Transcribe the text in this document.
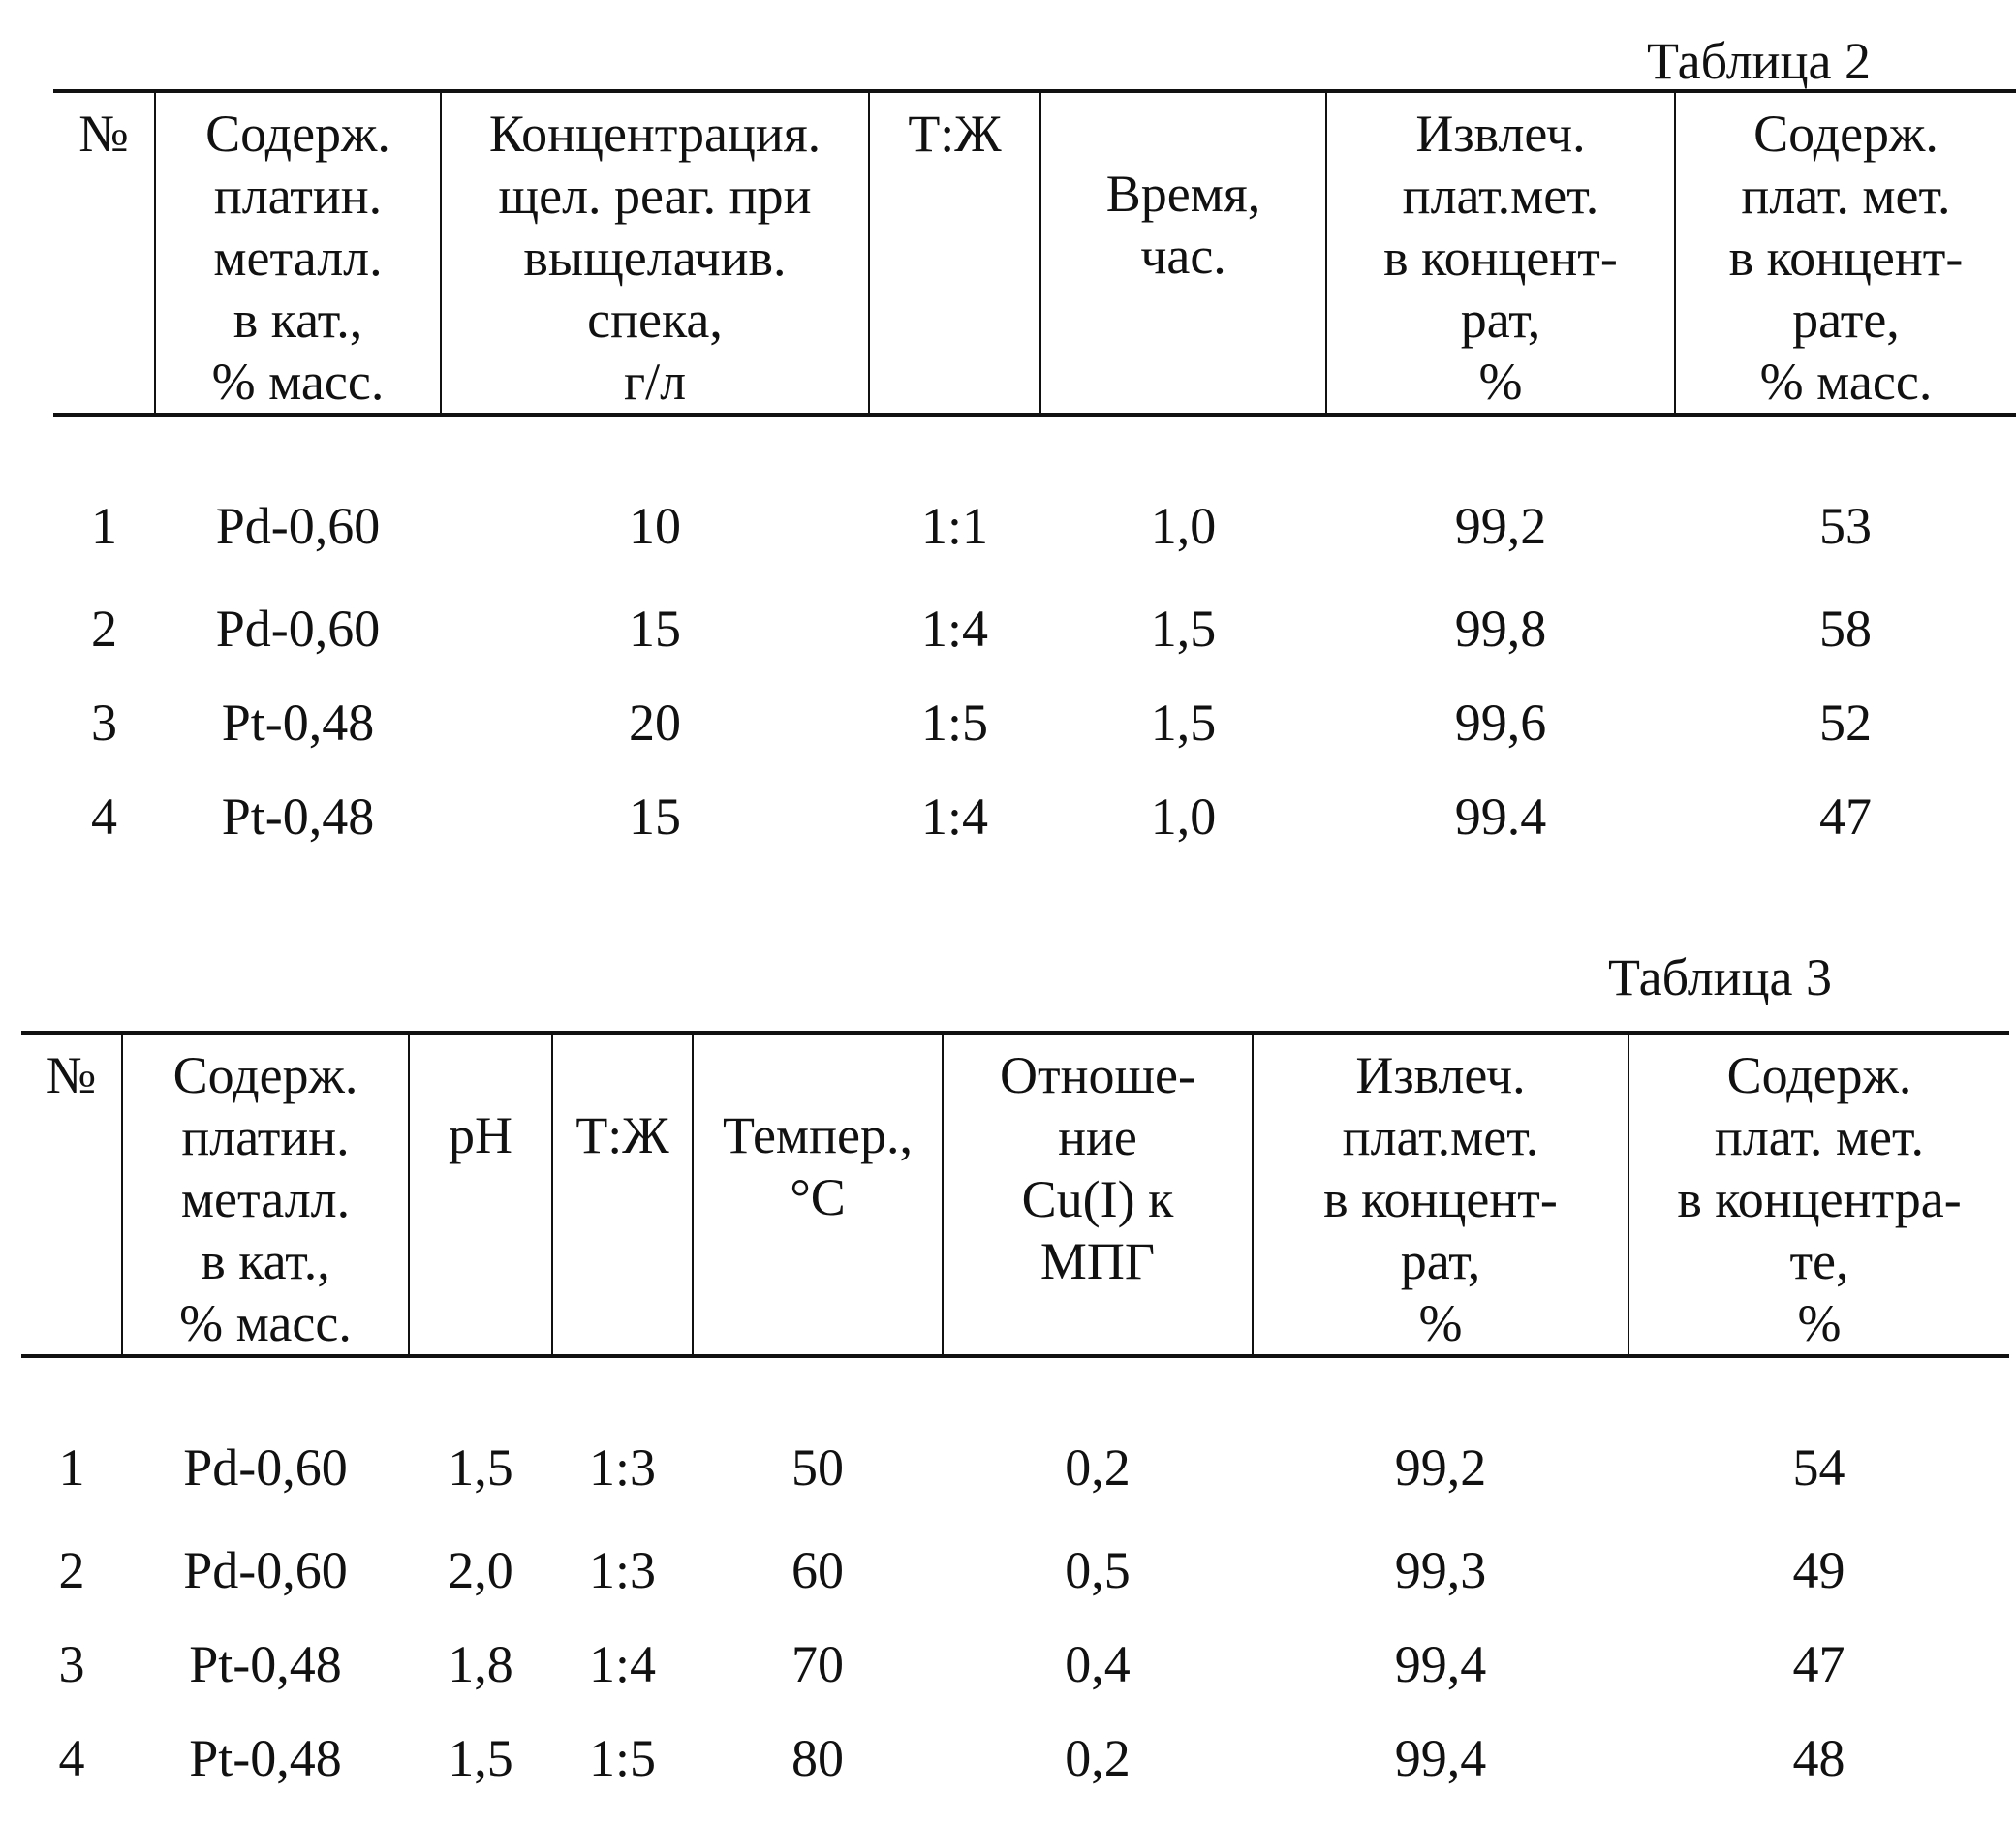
Таблица 2
№	Содерж.
платин.
металл.
в кат.,
% масс.	Концентрация.
щел. реаг. при
выщелачив.
спека,
г/л	Т:Ж	Время,
час.	Извлеч.
плат.мет.
в концент-
рат,
%	Содерж.
плат. мет.
в концент-
рате,
% масс.

1	Pd-0,60	10	1:1	1,0	99,2	53
2	Pd-0,60	15	1:4	1,5	99,8	58
3	Pt-0,48	20	1:5	1,5	99,6	52
4	Pt-0,48	15	1:4	1,0	99.4	47
Таблица 3
№	Содерж.
платин.
металл.
в кат.,
% масс.	pH	Т:Ж	Темпер.,
°С	Отноше-
ние
Cu(I) к
МПГ	Извлеч.
плат.мет.
в концент-
рат,
%	Содерж.
плат. мет.
в концентра-
те,
%

1	Pd-0,60	1,5	1:3	50	0,2	99,2	54
2	Pd-0,60	2,0	1:3	60	0,5	99,3	49
3	Pt-0,48	1,8	1:4	70	0,4	99,4	47
4	Pt-0,48	1,5	1:5	80	0,2	99,4	48
